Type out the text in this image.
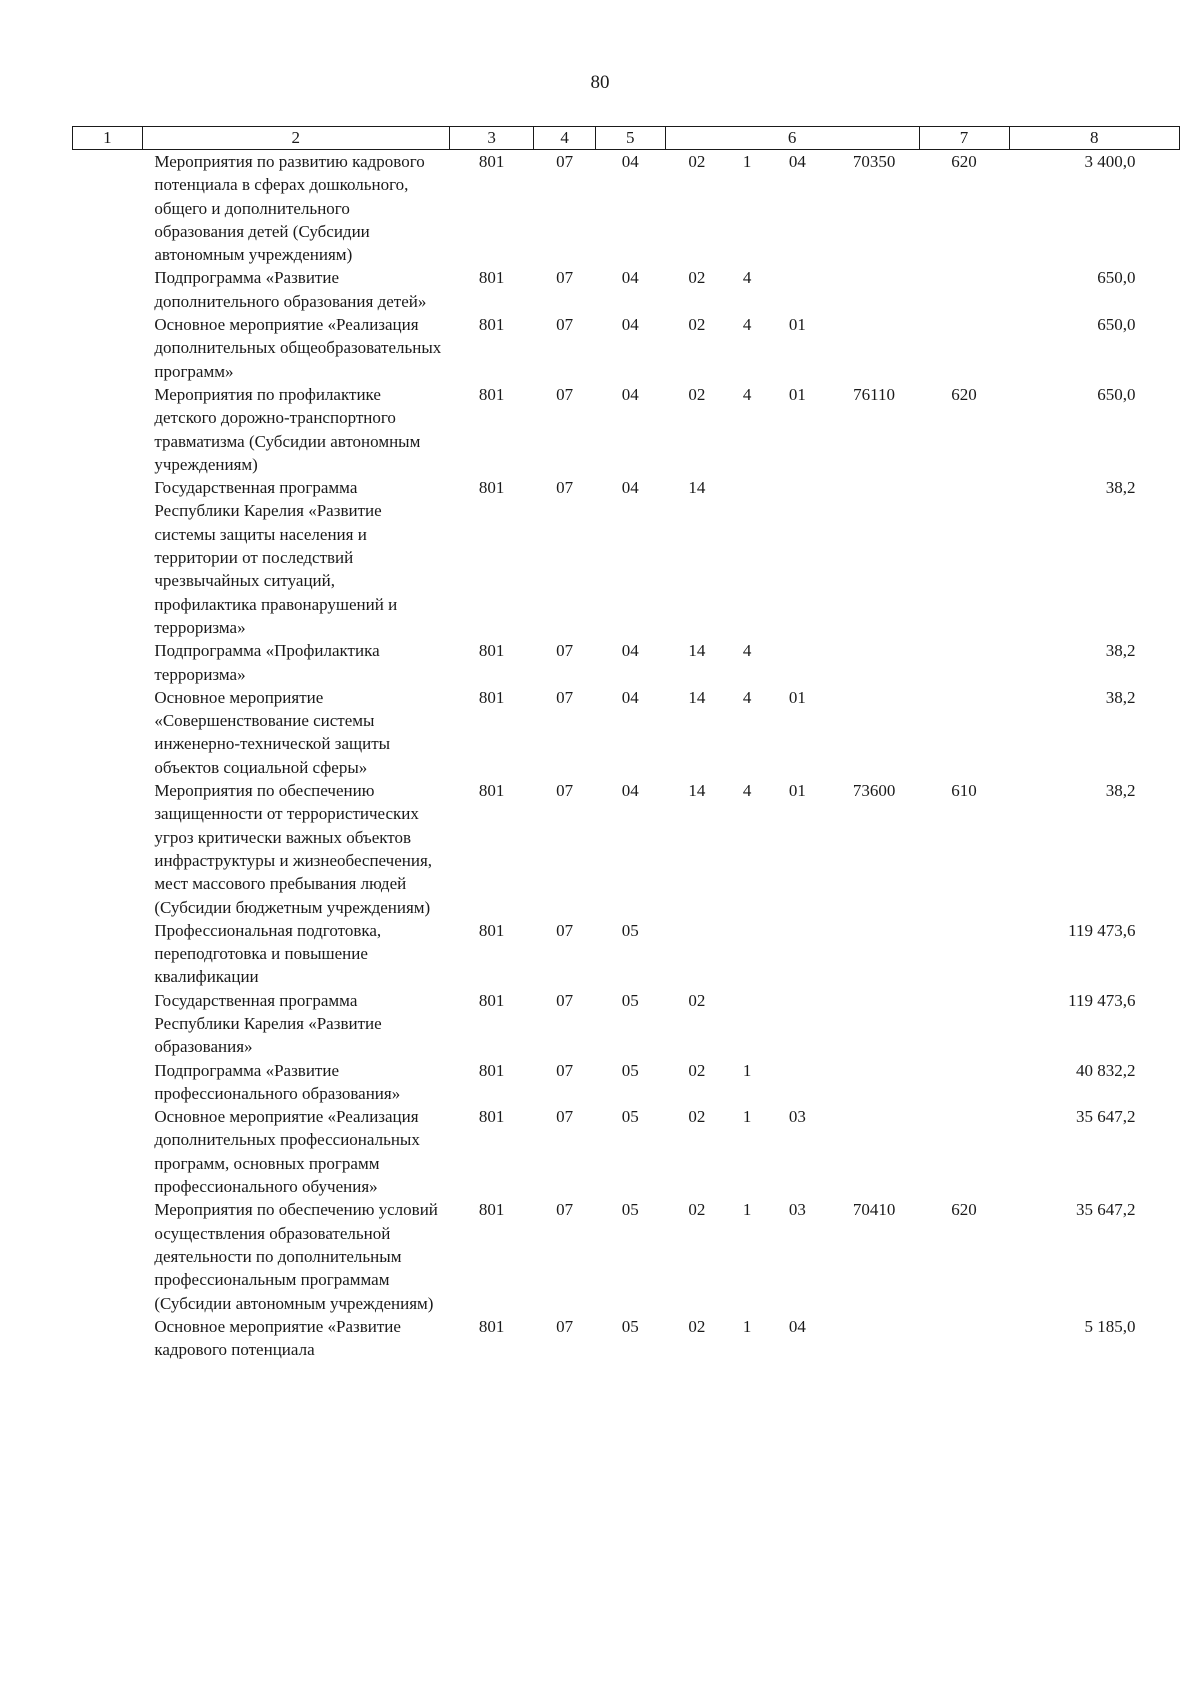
80
1	2	3	4	5	6				7	8
	Мероприятия по развитию кадрового потенциала в сферах дошкольного, общего и дополнительного образования детей (Субсидии автономным учреждениям)	801	07	04	02	1	04	70350	620	3 400,0
	Подпрограмма «Развитие дополнительного образования детей»	801	07	04	02	4				650,0
	Основное мероприятие «Реализация дополнительных общеобразовательных программ»	801	07	04	02	4	01			650,0
	Мероприятия по профилактике детского дорожно-транспортного травматизма (Субсидии автономным учреждениям)	801	07	04	02	4	01	76110	620	650,0
	Государственная программа Республики Карелия «Развитие системы защиты населения и территории от последствий чрезвычайных ситуаций, профилактика правонарушений и терроризма»	801	07	04	14					38,2
	Подпрограмма «Профилактика терроризма»	801	07	04	14	4				38,2
	Основное мероприятие «Совершенствование системы инженерно-технической защиты объектов социальной сферы»	801	07	04	14	4	01			38,2
	Мероприятия по обеспечению защищенности от террористических угроз критически важных объектов инфраструктуры и жизнеобеспечения, мест массового пребывания людей (Субсидии бюджетным учреждениям)	801	07	04	14	4	01	73600	610	38,2
	Профессиональная подготовка, переподготовка и повышение квалификации	801	07	05						119 473,6
	Государственная программа Республики Карелия «Развитие образования»	801	07	05	02					119 473,6
	Подпрограмма «Развитие профессионального образования»	801	07	05	02	1				40 832,2
	Основное мероприятие «Реализация дополнительных профессиональных программ, основных программ профессионального обучения»	801	07	05	02	1	03			35 647,2
	Мероприятия по обеспечению условий осуществления образовательной деятельности по дополнительным профессиональным программам (Субсидии автономным учреждениям)	801	07	05	02	1	03	70410	620	35 647,2
	Основное мероприятие «Развитие кадрового потенциала	801	07	05	02	1	04			5 185,0
